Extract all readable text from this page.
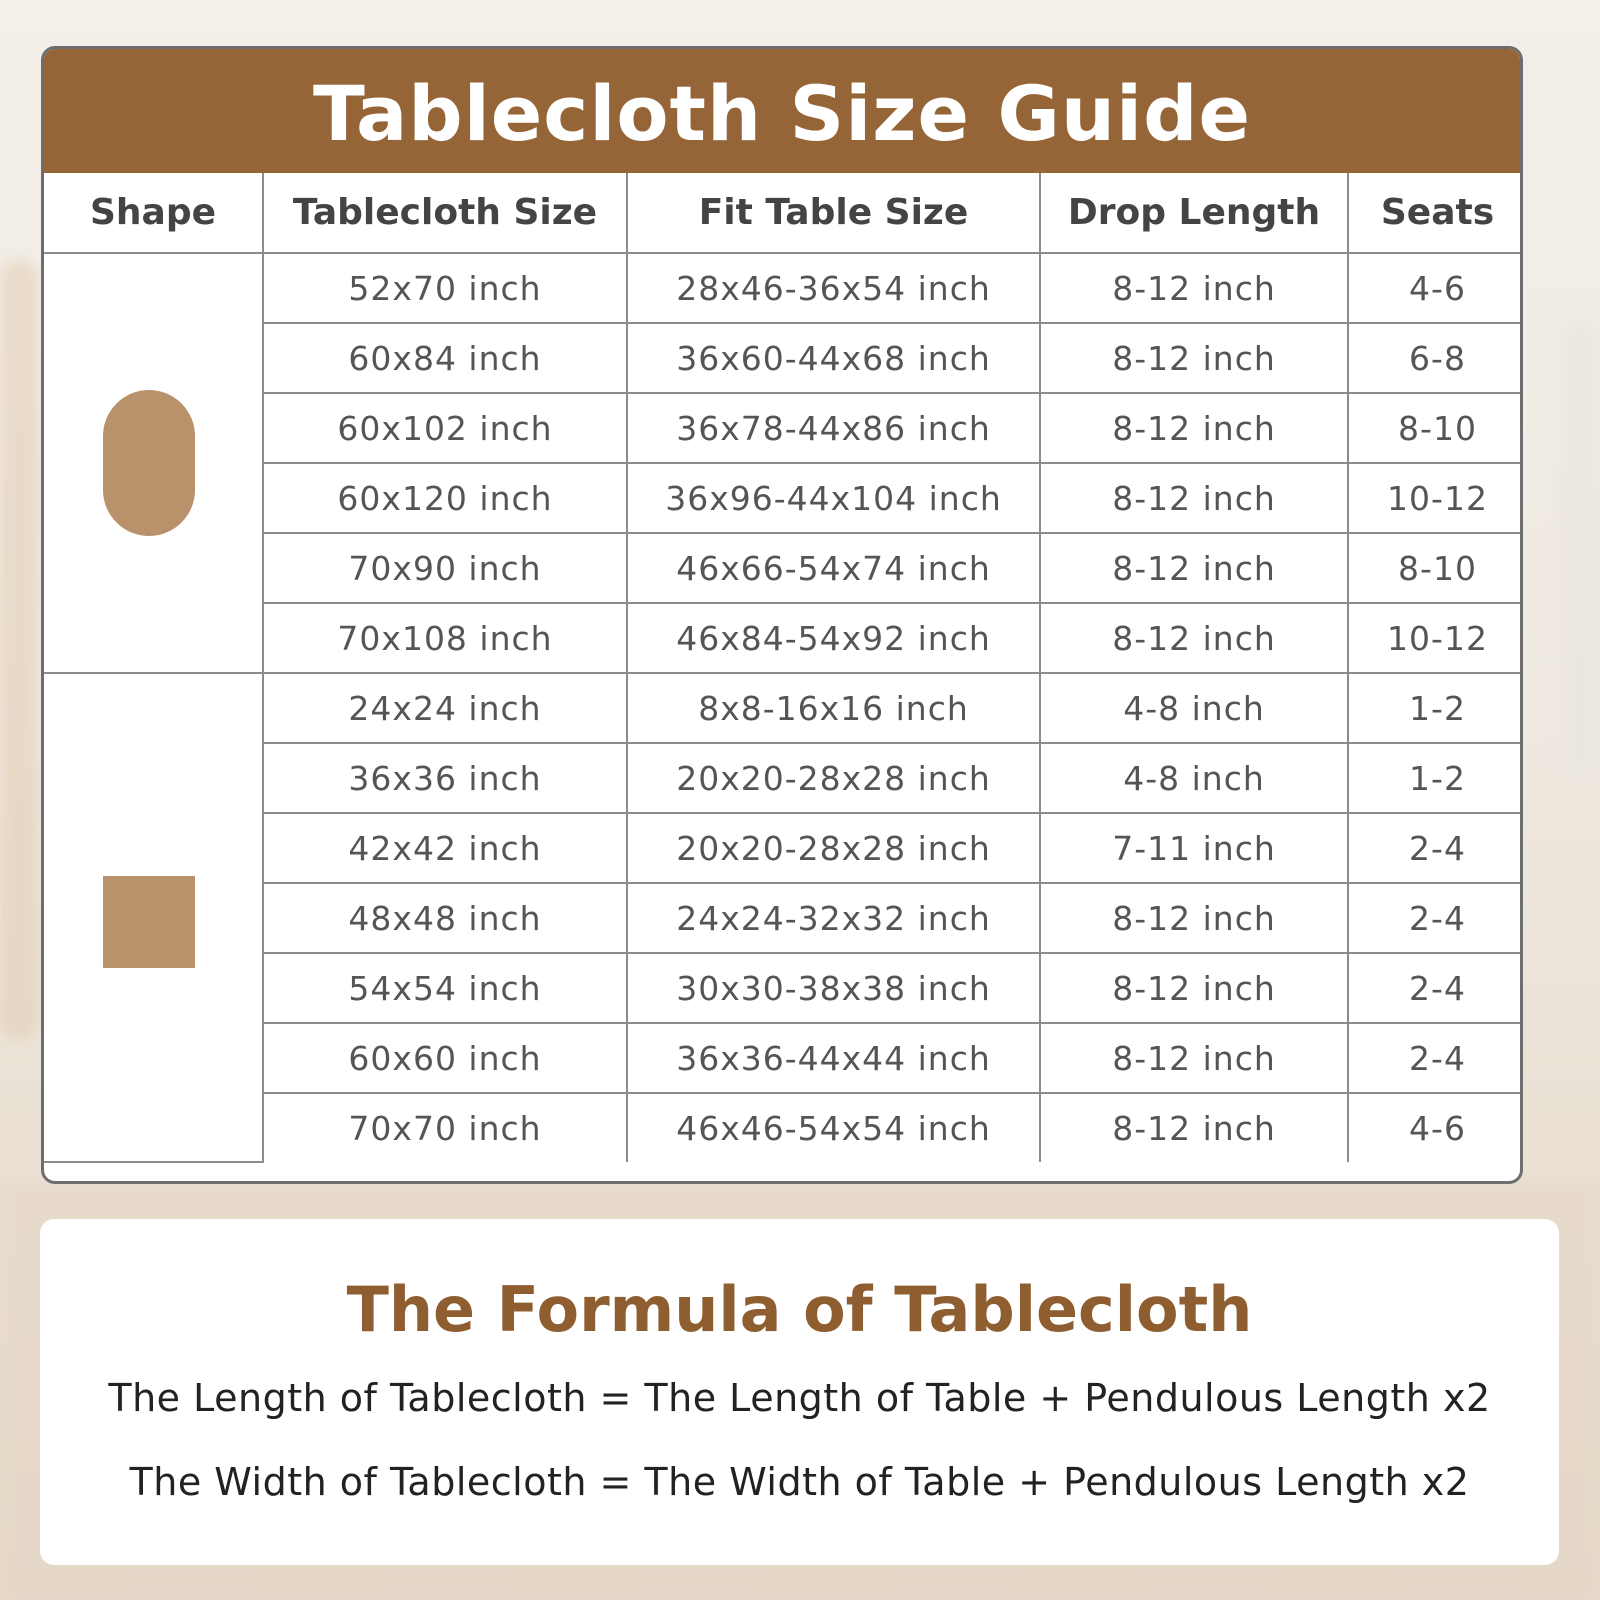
Tablecloth Size Guide
Shape	Tablecloth Size	Fit Table Size	Drop Length	Seats

	52x70 inch	28x46-36x54 inch	8-12 inch	4-6
	60x84 inch	36x60-44x68 inch	8-12 inch	6-8
	60x102 inch	36x78-44x86 inch	8-12 inch	8-10
	60x120 inch	36x96-44x104 inch	8-12 inch	10-12
	70x90 inch	46x66-54x74 inch	8-12 inch	8-10
	70x108 inch	46x84-54x92 inch	8-12 inch	10-12

	24x24 inch	8x8-16x16 inch	4-8 inch	1-2
	36x36 inch	20x20-28x28 inch	4-8 inch	1-2
	42x42 inch	20x20-28x28 inch	7-11 inch	2-4
	48x48 inch	24x24-32x32 inch	8-12 inch	2-4
	54x54 inch	30x30-38x38 inch	8-12 inch	2-4
	60x60 inch	36x36-44x44 inch	8-12 inch	2-4
	70x70 inch	46x46-54x54 inch	8-12 inch	4-6
The Formula of Tablecloth
The Length of Tablecloth = The Length of Table + Pendulous Length x2
The Width of Tablecloth = The Width of Table + Pendulous Length x2
